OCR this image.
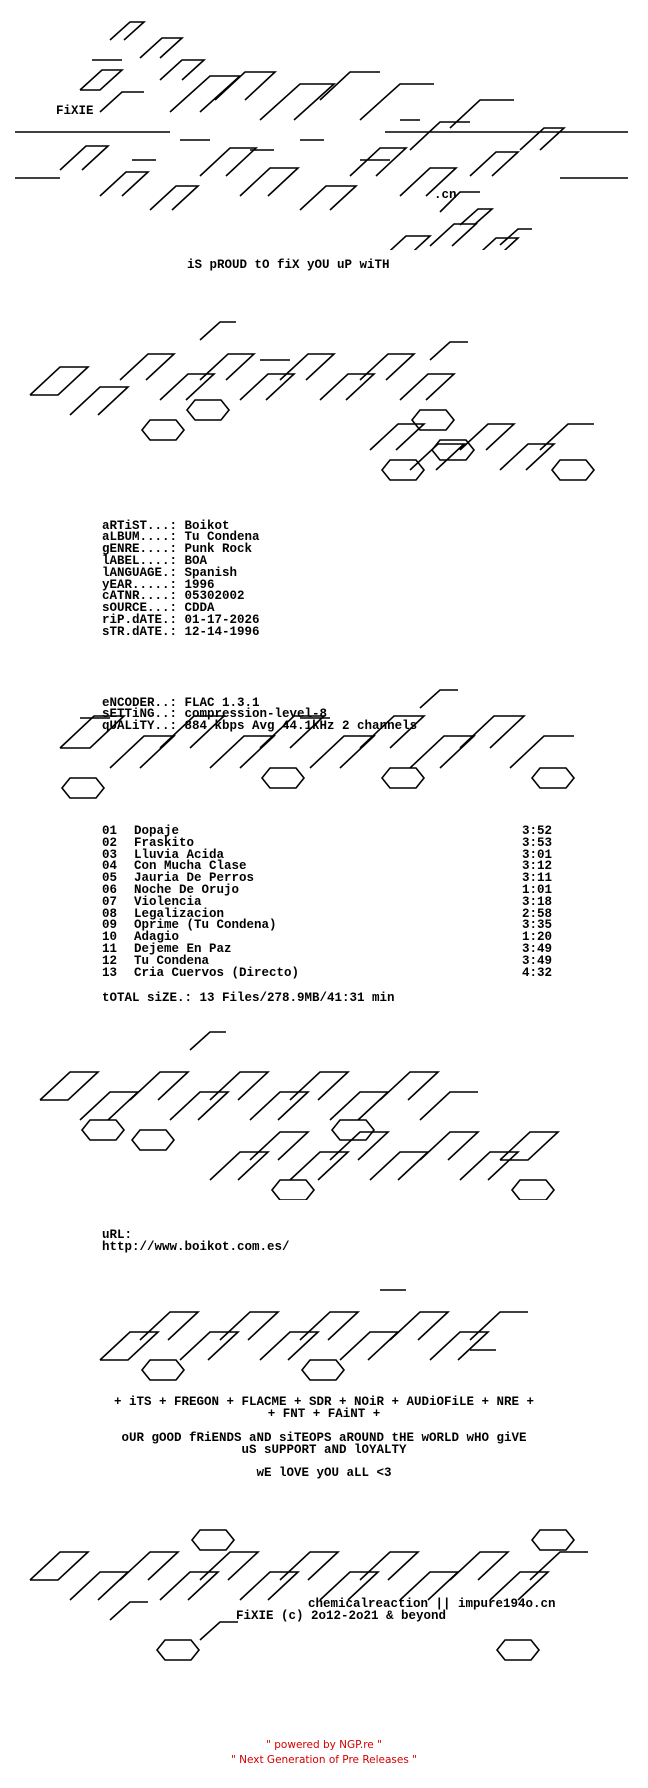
FiXIE
.cn
iS pROUD tO fiX yOU uP wiTH

aRTiST...: Boikot
aLBUM....: Tu Condena
gENRE....: Punk Rock
lABEL....: BOA
lANGUAGE.: Spanish
yEAR.....: 1996
cATNR....: 05302002
sOURCE...: CDDA
riP.dATE.: 01-17-2026
sTR.dATE.: 12-14-1996

eNCODER..: FLAC 1.3.1
sETTiNG..: compression-level-8
qUALiTY..: 884 kbps Avg 44.1kHz 2 channels

01	Dopaje	3:52
02	Fraskito	3:53
03	Lluvia Acida	3:01
04	Con Mucha Clase	3:12
05	Jauria De Perros	3:11
06	Noche De Orujo	1:01
07	Violencia	3:18
08	Legalizacion	2:58
09	Oprime (Tu Condena)	3:35
10	Adagio	1:20
11	Dejeme En Paz	3:49
12	Tu Condena	3:49
13	Cria Cuervos (Directo)	4:32
tOTAL siZE.: 13 Files/278.9MB/41:31 min
uRL:
http://www.boikot.com.es/
+ iTS + FREGON + FLACME + SDR + NOiR + AUDiOFiLE + NRE +
+ FNT + FAiNT +
oUR gOOD fRiENDS aND siTEOPS aROUND tHE wORLD wHO giVE
uS sUPPORT aND lOYALTY
wE lOVE yOU aLL <3
chemicalreaction || impure194o.cn
FiXIE (c) 2o12-2o21 & beyond
" powered by NGP.re "
" Next Generation of Pre Releases "
